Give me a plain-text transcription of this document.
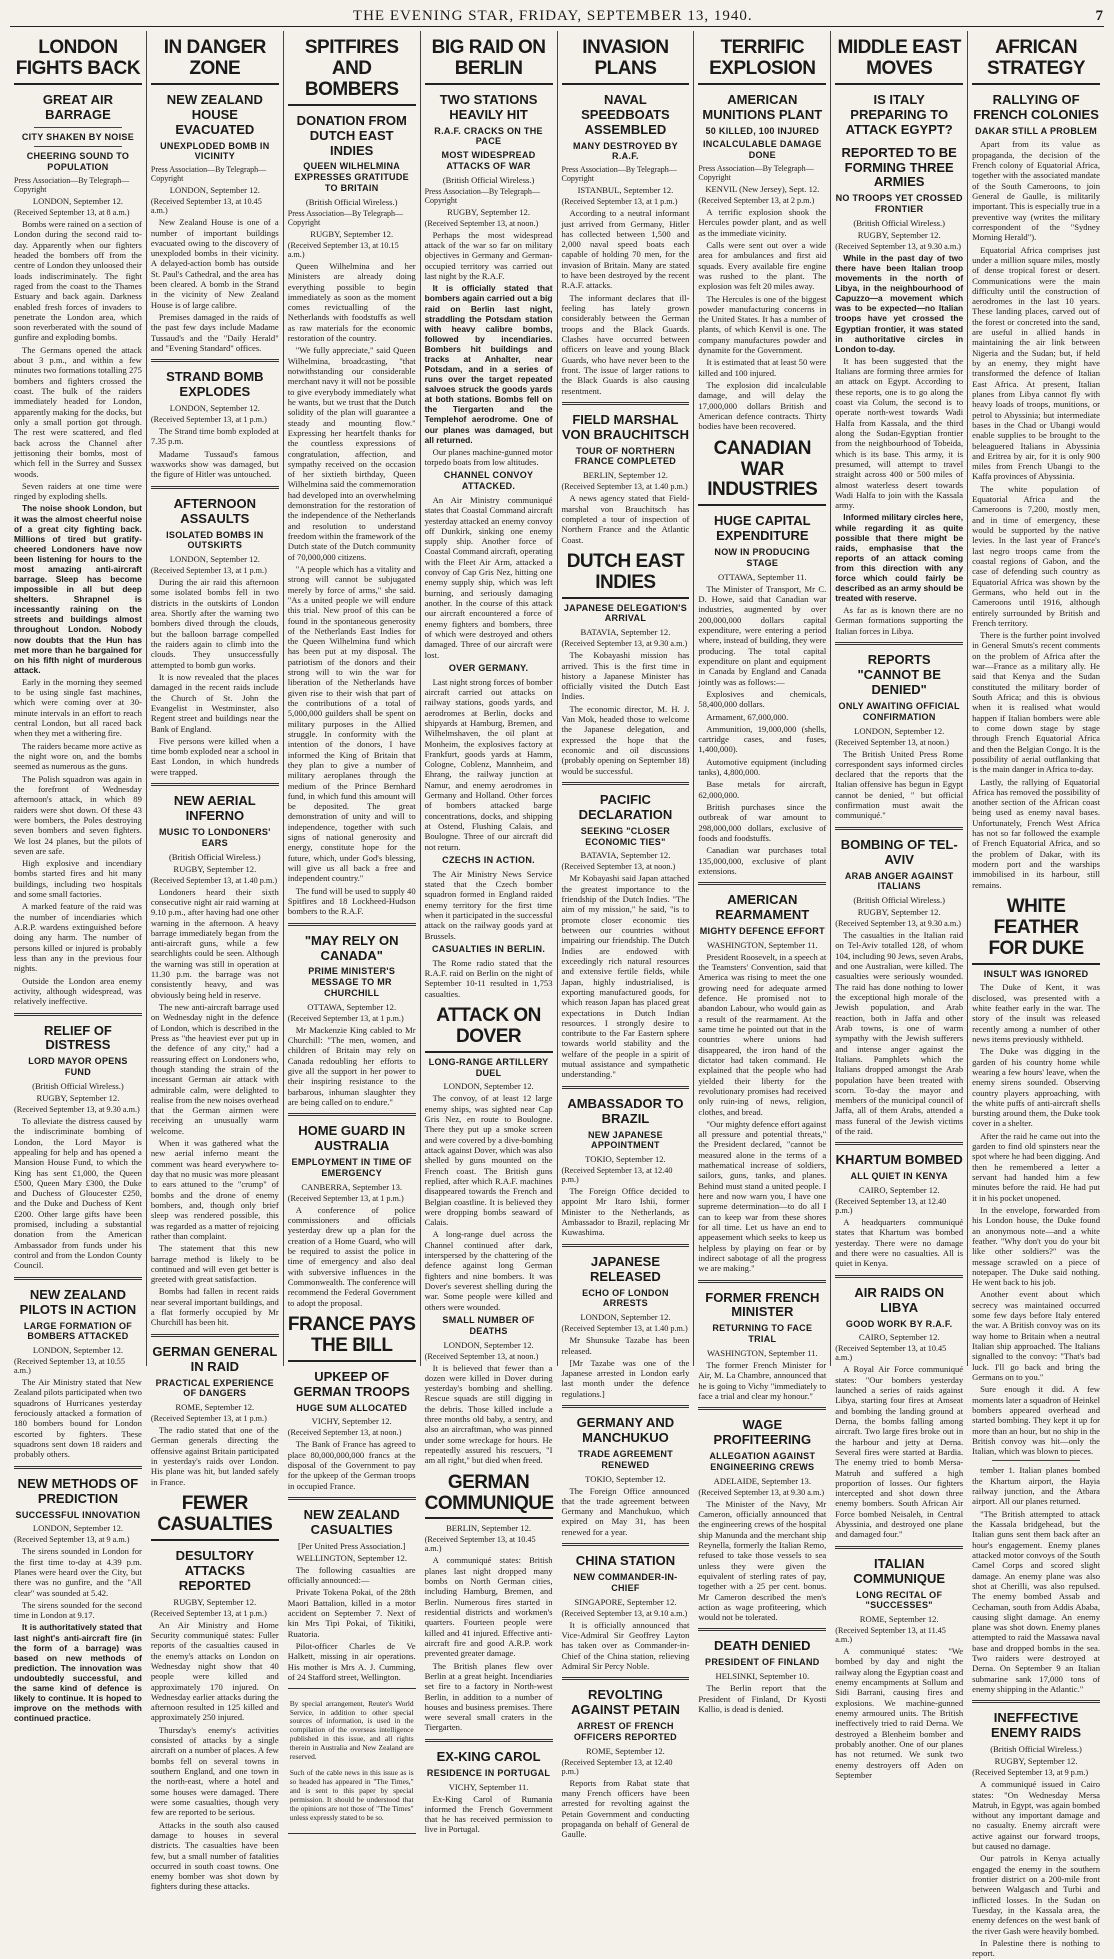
THE EVENING STAR, FRIDAY, SEPTEMBER 13, 1940.	7
LONDON FIGHTS BACK
GREAT AIR BARRAGE
CITY SHAKEN BY NOISE
CHEERING SOUND TO POPULATION
Press Association—By Telegraph—Copyright
LONDON, September 12.
(Received September 13, at 8 a.m.)

Bombs were rained on a section of London during the second raid to-day. Apparently when our fighters headed the bombers off from the centre of London they unloosed their loads indiscriminately. The fight raged from the coast to the Thames Estuary and back again. Darkness enabled fresh forces of invaders to penetrate the London area, which soon reverberated with the sound of gunfire and exploding bombs.

The Germans opened the attack about 3 p.m., and within a few minutes two formations totalling 275 bombers and fighters crossed the coast. The bulk of the raiders immediately headed for London, apparently making for the docks, but only a small portion got through. The rest were scattered, and fled back across the Channel after jettisoning their bombs, most of which fell in the Surrey and Sussex woods.

Seven raiders at one time were ringed by exploding shells.

The noise shook London, but it was the almost cheerful noise of a great city fighting back. Millions of tired but gratify-cheered Londoners have now been listening for hours to the most amazing anti-aircraft barrage. Sleep has become impossible in all but deep shelters. Shrapnel is incessantly raining on the streets and buildings almost throughout London. Nobody now doubts that the Hun has met more than he bargained for on his fifth night of murderous attack.

Early in the morning they seemed to be using single fast machines, which were coming over at 30-minute intervals in an effort to reach central London, but all raced back when they met a withering fire.

The raiders became more active as the night wore on, and the bombs seemed as numerous as the guns.

The Polish squadron was again in the forefront of Wednesday afternoon's attack, in which 89 raiders were shot down. Of these 43 were bombers, the Poles destroying seven bombers and seven fighters. We lost 24 planes, but the pilots of seven are safe.

High explosive and incendiary bombs started fires and hit many buildings, including two hospitals and some small factories.

A marked feature of the raid was the number of incendiaries which A.R.P. wardens extinguished before doing any harm. The number of persons killed or injured is probably less than any in the previous four nights.

Outside the London area enemy activity, although widespread, was relatively ineffective.

RELIEF OF DISTRESS
LORD MAYOR OPENS FUND
(British Official Wireless.)
RUGBY, September 12.
(Received September 13, at 9.30 a.m.)

To alleviate the distress caused by the indiscriminate bombing of London, the Lord Mayor is appealing for help and has opened a Mansion House Fund, to which the King has sent £1,000, the Queen £500, Queen Mary £300, the Duke and Duchess of Gloucester £250, and the Duke and Duchess of Kent £200. Other large gifts have been promised, including a substantial donation from the American Ambassador from funds under his control and from the London County Council.

NEW ZEALAND PILOTS IN ACTION
LARGE FORMATION OF BOMBERS ATTACKED
LONDON, September 12.
(Received September 13, at 10.55 a.m.)

The Air Ministry stated that New Zealand pilots participated when two squadrons of Hurricanes yesterday ferociously attacked a formation of 180 bombers bound for London escorted by fighters. These squadrons sent down 18 raiders and probably others.

NEW METHODS OF PREDICTION
SUCCESSFUL INNOVATION
LONDON, September 12.
(Received September 13, at 9 a.m.)

The sirens sounded in London for the first time to-day at 4.39 p.m. Planes were heard over the City, but there was no gunfire, and the "All clear" was sounded at 5.42.

The sirens sounded for the second time in London at 9.17.

It is authoritatively stated that last night's anti-aircraft fire (in the form of a barrage) was based on new methods of prediction. The innovation was undoubtedly successful, and the same kind of defence is likely to continue. It is hoped to improve on the methods with continued practice.

IN DANGER ZONE
NEW ZEALAND HOUSE EVACUATED
UNEXPLODED BOMB IN VICINITY
Press Association—By Telegraph—Copyright
LONDON, September 12.
(Received September 13, at 10.45 a.m.)

New Zealand House is one of a number of important buildings evacuated owing to the discovery of unexploded bombs in their vicinity. A delayed-action bomb has outside St. Paul's Cathedral, and the area has been cleared. A bomb in the Strand in the vicinity of New Zealand House is of large calibre.

Premises damaged in the raids of the past few days include Madame Tussaud's and the "Daily Herald" and "Evening Standard" offices.

STRAND BOMB EXPLODES
LONDON, September 12.
(Received September 13, at 1 p.m.)

The Strand time bomb exploded at 7.35 p.m.

Madame Tussaud's famous waxworks show was damaged, but the figure of Hitler was untouched.

AFTERNOON ASSAULTS
ISOLATED BOMBS IN OUTSKIRTS
LONDON, September 12.
(Received September 13, at 1 p.m.)

During the air raid this afternoon some isolated bombs fell in two districts in the outskirts of London area. Shortly after the warning two bombers dived through the clouds, but the balloon barrage compelled the raiders again to climb into the clouds. They unsuccessfully attempted to bomb gun works.

It is now revealed that the places damaged in the recent raids include the Church of St. John the Evangelist in Westminster, also Regent street and buildings near the Bank of England.

Five persons were killed when a time bomb exploded near a school in East London, in which hundreds were trapped.

NEW AERIAL INFERNO
MUSIC TO LONDONERS' EARS
(British Official Wireless.)
RUGBY, September 12.
(Received September 13, at 1.40 p.m.)

Londoners heard their sixth consecutive night air raid warning at 9.10 p.m., after having had one other warning in the afternoon. A heavy barrage immediately began from the anti-aircraft guns, while a few searchlights could be seen. Although the warning was still in operation at 11.30 p.m. the barrage was not consistently heavy, and was obviously being held in reserve.

The new anti-aircraft barrage used on Wednesday night in the defence of London, which is described in the Press as "the heaviest ever put up in the defence of any city," had a reassuring effect on Londoners who, though standing the strain of the incessant German air attack with admirable calm, were delighted to realise from the new noises overhead that the German airmen were receiving an unusually warm welcome.

When it was gathered what the new aerial inferno meant the comment was heard everywhere to-day that no music was more pleasant to ears attuned to the "crump" of bombs and the drone of enemy bombers, and, though only brief sleep was rendered possible, this was regarded as a matter of rejoicing rather than complaint.

The statement that this new barrage method is likely to be continued and will even get better is greeted with great satisfaction.

Bombs had fallen in recent raids near several important buildings, and a flat formerly occupied by Mr Churchill has been hit.

GERMAN GENERAL IN RAID
PRACTICAL EXPERIENCE OF DANGERS
ROME, September 12.
(Received September 13, at 1 p.m.)

The radio stated that one of the German generals directing the offensive against Britain participated in yesterday's raids over London. His plane was hit, but landed safely in France.

FEWER CASUALTIES
DESULTORY ATTACKS REPORTED
RUGBY, September 12.
(Received September 13, at 1 p.m.)

An Air Ministry and Home Security communiqué states: Fuller reports of the casualties caused in the enemy's attacks on London on Wednesday night show that 40 people were killed and approximately 170 injured. On Wednesday earlier attacks during the afternoon resulted in 125 killed and approximately 250 injured.

Thursday's enemy's activities consisted of attacks by a single aircraft on a number of places. A few bombs fell on several towns in southern England, and one town in the north-east, where a hotel and some houses were damaged. There were some casualties, though very few are reported to be serious.

Attacks in the south also caused damage to houses in several districts. The casualties have been few, but a small number of fatalities occurred in south coast towns. One enemy bomber was shot down by fighters during these attacks.

SPITFIRES AND BOMBERS
DONATION FROM DUTCH EAST INDIES
QUEEN WILHELMINA EXPRESSES GRATITUDE TO BRITAIN
(British Official Wireless.)
Press Association—By Telegraph—Copyright
RUGBY, September 12.
(Received September 13, at 10.15 a.m.)

Queen Wilhelmina and her Ministers are already doing everything possible to begin immediately as soon as the moment comes revictualling of the Netherlands with foodstuffs as well as raw materials for the economic restoration of the country.

"We fully appreciate," said Queen Wilhelmina, broadcasting, "that notwithstanding our considerable merchant navy it will not be possible to give everybody immediately what he wants, but we trust that the Dutch solidity of the plan will guarantee a steady and mounting flow." Expressing her heartfelt thanks for the countless expressions of congratulation, affection, and sympathy received on the occasion of her sixtieth birthday, Queen Wilhelmina said the commemoration had developed into an overwhelming demonstration for the restoration of the independence of the Netherlands and resolution to understand freedom within the framework of the Dutch state of the Dutch community of 70,000,000 citizens.

"A people which has a vitality and strong will cannot be subjugated merely by force of arms," she said. "As a united people we will endure this trial. New proof of this can be found in the spontaneous generosity of the Netherlands East Indies for the Queen Wilhelmina fund which has been put at my disposal. The patriotism of the donors and their strong will to win the war for liberation of the Netherlands have given rise to their wish that part of the contributions of a total of 5,000,000 guilders shall be spent on military purposes in the Allied struggle. In conformity with the intention of the donors, I have informed the King of Britain that they plan to give a number of military aeroplanes through the medium of the Prince Bernhard fund, in which fund this amount will be deposited. The great demonstration of unity and will to independence, together with such signs of national generosity and energy, constitute hope for the future, which, under God's blessing, will give us all back a free and independent country."

The fund will be used to supply 40 Spitfires and 18 Lockheed-Hudson bombers to the R.A.F.

"MAY RELY ON CANADA"
PRIME MINISTER'S MESSAGE TO MR CHURCHILL
OTTAWA, September 12.
(Received September 13, at 1 p.m.)

Mr Mackenzie King cabled to Mr Churchill: "The men, women, and children of Britain may rely on Canada redoubling her efforts to give all the support in her power to their inspiring resistance to the barbarous, inhuman slaughter they are being called on to endure."

HOME GUARD IN AUSTRALIA
EMPLOYMENT IN TIME OF EMERGENCY
CANBERRA, September 13.
(Received September 13, at 1 p.m.)

A conference of police commissioners and officials yesterday drew up a plan for the creation of a Home Guard, who will be required to assist the police in time of emergency and also deal with subversive influences in the Commonwealth. The conference will recommend the Federal Government to adopt the proposal.

FRANCE PAYS THE BILL
UPKEEP OF GERMAN TROOPS
HUGE SUM ALLOCATED
VICHY, September 12.
(Received September 13, at noon.)

The Bank of France has agreed to place 80,000,000,000 francs at the disposal of the Government to pay for the upkeep of the German troops in occupied France.

NEW ZEALAND CASUALTIES
[Per United Press Association.]
WELLINGTON, September 12.

The following casualties are officially announced:—

Private Tokena Pokai, of the 28th Maori Battalion, killed in a motor accident on September 7. Next of kin Mrs Tipi Pokai, of Tikitiki, Ruatoria.

Pilot-officer Charles de Ve Halkett, missing in air operations. His mother is Mrs A. J. Cumming, of 24 Stafford street, Wellington.

By special arrangement, Reuter's World Service, in addition to other special sources of information, is used in the compilation of the overseas intelligence published in this issue, and all rights therein in Australia and New Zealand are reserved.

Such of the cable news in this issue as is so headed has appeared in "The Times," and is sent to this paper by special permission. It should be understood that the opinions are not those of "The Times" unless expressly stated to be so.

BIG RAID ON BERLIN
TWO STATIONS HEAVILY HIT
R.A.F. CRACKS ON THE PACE
MOST WIDESPREAD ATTACKS OF WAR
(British Official Wireless.)
Press Association—By Telegraph—Copyright
RUGBY, September 12.
(Received September 13, at noon.)

Perhaps the most widespread attack of the war so far on military objectives in Germany and German-occupied territory was carried out last night by the R.A.F.

It is officially stated that bombers again carried out a big raid on Berlin last night, straddling the Potsdam station with heavy calibre bombs, followed by incendiaries. Bombers hit buildings and tracks at Anhalter, near Potsdam, and in a series of runs over the target repeated salvoes struck the goods yards at both stations. Bombs fell on the Tiergarten and the Templehof aerodrome. One of our planes was damaged, but all returned.

Our planes machine-gunned motor torpedo boats from low altitudes.

CHANNEL CONVOY ATTACKED.

An Air Ministry communiqué states that Coastal Command aircraft yesterday attacked an enemy convoy off Dunkirk, sinking one enemy supply ship. Another force of Coastal Command aircraft, operating with the Fleet Air Arm, attacked a convoy of Cap Gris Nez, hitting one enemy supply ship, which was left burning, and seriously damaging another. In the course of this attack our aircraft encountered a force of enemy fighters and bombers, three of which were destroyed and others damaged. Three of our aircraft were lost.

OVER GERMANY.

Last night strong forces of bomber aircraft carried out attacks on railway stations, goods yards, and aerodromes at Berlin, docks and shipyards at Hamburg, Bremen, and Wilhelmshaven, the oil plant at Monheim, the explosives factory at Frankfurt, goods yards at Hamm, Cologne, Coblenz, Mannheim, and Ehrang, the railway junction at Namur, and enemy aerodromes in Germany and Holland. Other forces of bombers attacked barge concentrations, docks, and shipping at Ostend, Flushing Calais, and Boulogne. Three of our aircraft did not return.

CZECHS IN ACTION.

The Air Ministry News Service stated that the Czech bomber squadron formed in England raided enemy territory for the first time when it participated in the successful attack on the railway goods yard at Brussels.

CASUALTIES IN BERLIN.

The Rome radio stated that the R.A.F. raid on Berlin on the night of September 10-11 resulted in 1,753 casualties.

ATTACK ON DOVER
LONG-RANGE ARTILLERY DUEL
LONDON, September 12.

The convoy, of at least 12 large enemy ships, was sighted near Cap Gris Nez, en route to Boulogne. There they put up a smoke screen and were covered by a dive-bombing attack against Dover, which was also shelled by guns mounted on the French coast. The British guns replied, after which R.A.F. machines disappeared towards the French and Belgian coastline. It is believed they were dropping bombs seaward of Calais.

A long-range duel across the Channel continued after dark, interspersed by the chattering of the defence against long German fighters and nine bombers. It was Dover's severest shelling during the war. Some people were killed and others were wounded.

SMALL NUMBER OF DEATHS
LONDON, September 12.
(Received September 13, at noon.)

It is believed that fewer than a dozen were killed in Dover during yesterday's bombing and shelling. Rescue squads are still digging in the debris. Those killed include a three months old baby, a sentry, and also an aircraftman, who was pinned under some wreckage for hours. He repeatedly assured his rescuers, "I am all right," but died when freed.

GERMAN COMMUNIQUE
BERLIN, September 12.
(Received September 13, at 10.45 a.m.)

A communiqué states: British planes last night dropped many bombs on North German cities, including Hamburg, Bremen, and Berlin. Numerous fires started in residential districts and workmen's quarters. Fourteen people were killed and 41 injured. Effective anti-aircraft fire and good A.R.P. work prevented greater damage.

The British planes flew over Berlin at a great height. Incendiaries set fire to a factory in North-west Berlin, in addition to a number of houses and business premises. There were several small craters in the Tiergarten.

EX-KING CAROL
RESIDENCE IN PORTUGAL
VICHY, September 11.

Ex-King Carol of Rumania informed the French Government that he has received permission to live in Portugal.

INVASION PLANS
NAVAL SPEEDBOATS ASSEMBLED
MANY DESTROYED BY R.A.F.
Press Association—By Telegraph—Copyright
ISTANBUL, September 12.
(Received September 13, at 1 p.m.)

According to a neutral informant just arrived from Germany, Hitler has collected between 1,500 and 2,000 naval speed boats each capable of holding 70 men, for the invasion of Britain. Many are stated to have been destroyed by the recent R.A.F. attacks.

The informant declares that ill-feeling has lately grown considerably between the German troops and the Black Guards. Clashes have occurred between officers on leave and young Black Guards, who have never been to the front. The issue of larger rations to the Black Guards is also causing resentment.

FIELD MARSHAL VON BRAUCHITSCH
TOUR OF NORTHERN FRANCE COMPLETED
BERLIN, September 12.
(Received September 13, at 1.40 p.m.)

A news agency stated that Field-marshal von Brauchitsch has completed a tour of inspection of Northern France and the Atlantic Coast.

DUTCH EAST INDIES
JAPANESE DELEGATION'S ARRIVAL
BATAVIA, September 12.
(Received September 13, at 9.30 a.m.)

The Kobayashi mission has arrived. This is the first time in history a Japanese Minister has officially visited the Dutch East Indies.

The economic director, M. H. J. Van Mok, headed those to welcome the Japanese delegation, and expressed the hope that the economic and oil discussions (probably opening on September 18) would be successful.

PACIFIC DECLARATION
SEEKING "CLOSER ECONOMIC TIES"
BATAVIA, September 12.
(Received September 13, at noon.)

Mr Kobayashi said Japan attached the greatest importance to the friendship of the Dutch Indies. "The aim of my mission," he said, "is to promote closer economic ties between our countries without impairing our friendship. The Dutch Indies are endowed with exceedingly rich natural resources and extensive fertile fields, while Japan, highly industrialised, is exporting manufactured goods, for which reason Japan has placed great expectations in Dutch Indian resources. I strongly desire to contribute to the Far Eastern sphere towards world stability and the welfare of the people in a spirit of mutual assistance and sympathetic understanding."

AMBASSADOR TO BRAZIL
NEW JAPANESE APPOINTMENT
TOKIO, September 12.
(Received September 13, at 12.40 p.m.)

The Foreign Office decided to appoint Mr Itaro Ishii, former Minister to the Netherlands, as Ambassador to Brazil, replacing Mr Kuwashima.

JAPANESE RELEASED
ECHO OF LONDON ARRESTS
LONDON, September 12.
(Received September 13, at 1.40 p.m.)

Mr Shunsuke Tazabe has been released.

[Mr Tazabe was one of the Japanese arrested in London early last month under the defence regulations.]

GERMANY AND MANCHUKUO
TRADE AGREEMENT RENEWED
TOKIO, September 12.

The Foreign Office announced that the trade agreement between Germany and Manchukuo, which expired on May 31, has been renewed for a year.

CHINA STATION
NEW COMMANDER-IN-CHIEF
SINGAPORE, September 12.
(Received September 13, at 9.10 a.m.)

It is officially announced that Vice-Admiral Sir Geoffrey Layton has taken over as Commander-in-Chief of the China station, relieving Admiral Sir Percy Noble.

REVOLTING AGAINST PETAIN
ARREST OF FRENCH OFFICERS REPORTED
ROME, September 12.
(Received September 13, at 12.40 p.m.)

Reports from Rabat state that many French officers have been arrested for revolting against the Petain Government and conducting propaganda on behalf of General de Gaulle.

TERRIFIC EXPLOSION
AMERICAN MUNITIONS PLANT
50 KILLED, 100 INJURED
INCALCULABLE DAMAGE DONE
Press Association—By Telegraph—Copyright
KENVIL (New Jersey), Sept. 12.
(Received September 13, at 2 p.m.)

A terrific explosion shook the Hercules powder plant, and as well as the immediate vicinity.

Calls were sent out over a wide area for ambulances and first aid squads. Every available fire engine was rushed to the plant. The explosion was felt 20 miles away.

The Hercules is one of the biggest powder manufacturing concerns in the United States. It has a number of plants, of which Kenvil is one. The company manufactures powder and dynamite for the Government.

It is estimated that at least 50 were killed and 100 injured.

The explosion did incalculable damage, and will delay the 17,000,000 dollars British and American defence contracts. Thirty bodies have been recovered.

CANADIAN WAR INDUSTRIES
HUGE CAPITAL EXPENDITURE
NOW IN PRODUCING STAGE
OTTAWA, September 11.

The Minister of Transport, Mr C. D. Howe, said that Canadian war industries, augmented by over 200,000,000 dollars capital expenditure, were entering a period where, instead of building, they were producing. The total capital expenditure on plant and equipment in Canada by England and Canada jointly was as follows:—

Explosives and chemicals, 58,400,000 dollars.

Armament, 67,000,000.

Ammunition, 19,000,000 (shells, cartridge cases, and fuses, 1,400,000).

Automotive equipment (including tanks), 4,800,000.

Base metals for aircraft, 62,000,000.

British purchases since the outbreak of war amount to 298,000,000 dollars, exclusive of foods and foodstuffs.

Canadian war purchases total 135,000,000, exclusive of plant extensions.

AMERICAN REARMAMENT
MIGHTY DEFENCE EFFORT
WASHINGTON, September 11.

President Roosevelt, in a speech at the Teamsters' Convention, said that America was rising to meet the one growing need for adequate armed defence. He promised not to abandon Labour, who would gain as a result of the rearmament. At the same time he pointed out that in the countries where unions had disappeared, the iron hand of the dictator had taken command. He explained that the people who had yielded their liberty for the revolutionary promises had received only ruin-ing of news, religion, clothes, and bread.

"Our mighty defence effort against all pressure and potential threats," the President declared, "cannot be measured alone in the terms of a mathematical increase of soldiers, sailors, guns, tanks, and planes. Behind must stand a united people. I here and now warn you, I have one supreme determination—to do all I can to keep war from these shores for all time. Let us have an end to appeasement which seeks to keep us helpless by playing on fear or by indirect sabotage of all the progress we are making."

FORMER FRENCH MINISTER
RETURNING TO FACE TRIAL
WASHINGTON, September 11.

The former French Minister for Air, M. La Chambre, announced that he is going to Vichy "immediately to face a trial and clear my honour."

WAGE PROFITEERING
ALLEGATION AGAINST ENGINEERING CREWS
ADELAIDE, September 13.
(Received September 13, at 9.30 a.m.)

The Minister of the Navy, Mr Cameron, officially announced that the engineering crews of the hospital ship Manunda and the merchant ship Reynella, formerly the Italian Remo, refused to take those vessels to sea unless they were given the equivalent of sterling rates of pay, together with a 25 per cent. bonus. Mr Cameron described the men's action as wage profiteering, which would not be tolerated.

DEATH DENIED
PRESIDENT OF FINLAND
HELSINKI, September 10.

The Berlin report that the President of Finland, Dr Kyosti Kallio, is dead is denied.

MIDDLE EAST MOVES
IS ITALY PREPARING TO ATTACK EGYPT?
REPORTED TO BE FORMING THREE ARMIES
NO TROOPS YET CROSSED FRONTIER
(British Official Wireless.)
RUGBY, September 12.
(Received September 13, at 9.30 a.m.)

While in the past day of two there have been Italian troop movements in the north of Libya, in the neighbourhood of Capuzzo—a movement which was to be expected—no Italian troops have yet crossed the Egyptian frontier, it was stated in authoritative circles in London to-day.

It has been suggested that the Italians are forming three armies for an attack on Egypt. According to these reports, one is to go along the coast via Colum, the second is to operate north-west towards Wadi Halfa from Kassala, and the third along the Sudan-Egyptian frontier from the neighbourhood of Tobeida, which is its base. This army, it is presumed, will attempt to travel straight across 400 or 500 miles of almost waterless desert towards Wadi Halfa to join with the Kassala army.

Informed military circles here, while regarding it as quite possible that there might be raids, emphasise that the reports of an attack coming from this direction with any force which could fairly be described as an army should be treated with reserve.

As far as is known there are no German formations supporting the Italian forces in Libya.

REPORTS "CANNOT BE DENIED"
ONLY AWAITING OFFICIAL CONFIRMATION
LONDON, September 12.
(Received September 13, at noon.)

The British United Press Rome correspondent says informed circles declared that the reports that the Italian offensive has begun in Egypt cannot be denied, " but official confirmation must await the communiqué."

BOMBING OF TEL-AVIV
ARAB ANGER AGAINST ITALIANS
(British Official Wireless.)
RUGBY, September 12.
(Received September 13, at 9.30 a.m.)

The casualties in the Italian raid on Tel-Aviv totalled 128, of whom 104, including 90 Jews, seven Arabs, and one Australian, were killed. The casualties were seriously wounded. The raid has done nothing to lower the exceptional high morale of the Jewish population, and Arab reaction, both in Jaffa and other Arab towns, is one of warm sympathy with the Jewish sufferers and intense anger against the Italians. Pamphlets which the Italians dropped amongst the Arab population have been treated with scorn. To-day the mayor and members of the municipal council of Jaffa, all of them Arabs, attended a mass funeral of the Jewish victims of the raid.

KHARTUM BOMBED
ALL QUIET IN KENYA
CAIRO, September 12.
(Received September 13, at 12.40 p.m.)

A headquarters communiqué states that Khartum was bombed yesterday. There were no damage and there were no casualties. All is quiet in Kenya.

AIR RAIDS ON LIBYA
GOOD WORK BY R.A.F.
CAIRO, September 12.
(Received September 13, at 10.45 a.m.)

A Royal Air Force communiqué states: "Our bombers yesterday launched a series of raids against Libya, starting four fires at Amseat and bombing the landing ground at Derna, the bombs falling among aircraft. Two large fires broke out in the harbour and jetty at Derna. Several fires were started at Bardia. The enemy tried to bomb Mersa-Matruh and suffered a high proportion of losses. Our fighters intercepted and shot down three enemy bombers. South African Air Force bombed Neisaleh, in Central Abyssinia, and destroyed one plane and damaged four."

ITALIAN COMMUNIQUE
LONG RECITAL OF "SUCCESSES"
ROME, September 12.
(Received September 13, at 11.45 a.m.)

A communiqué states: "We bombed by day and night the railway along the Egyptian coast and enemy encampments at Sollum and Sidi Barrani, causing fires and explosions. We machine-gunned enemy armoured units. The British ineffectively tried to raid Derna. We destroyed a Blenheim bomber and probably another. One of our planes has not returned. We sunk two enemy destroyers off Aden on September

AFRICAN STRATEGY
RALLYING OF FRENCH COLONIES
DAKAR STILL A PROBLEM

Apart from its value as propaganda, the decision of the French colony of Equatorial Africa, together with the associated mandate of the South Cameroons, to join General de Gaulle, is militarily important. This is especially true in a preventive way (writes the military correspondent of the "Sydney Morning Herald").

Equatorial Africa comprises just under a million square miles, mostly of dense tropical forest or desert. Communications were the main difficulty until the construction of aerodromes in the last 10 years. These landing places, carved out of the forest or concreted into the sand, are useful in allied hands in maintaining the air link between Nigeria and the Sudan; but, if held by an enemy, they might have transformed the defence of Italian East Africa. At present, Italian planes from Libya cannot fly with heavy loads of troops, munitions, or petrol to Abyssinia; but intermediate bases in the Chad or Ubangi would enable supplies to be brought to the beleaguered Italians in Abyssinia and Eritrea by air, for it is only 900 miles from French Ubangi to the Kaffa provinces of Abyssinia.

The white population of Equatorial Africa and the Cameroons is 7,200, mostly men, and in time of emergency, these would be supported by the native levies. In the last year of France's last negro troops came from the coastal regions of Gabon, and the case of defending such country as Equatorial Africa was shown by the Germans, who held out in the Cameroons until 1916, although entirely surrounded by British and French territory.

There is the further point involved in General Smuts's recent comments on the problem of Africa after the war—France as a military ally. He said that Kenya and the Sudan constituted the military border of South Africa; and this is obvious when it is realised what would happen if Italian bombers were able to come down stage by stage through French Equatorial Africa and then the Belgian Congo. It is the possibility of aerial outflanking that is the main danger in Africa to-day.

Lastly, the rallying of Equatorial Africa has removed the possibility of another section of the African coast being used as enemy naval bases. Unfortunately, French West Africa has not so far followed the example of French Equatorial Africa, and so the problem of Dakar, with its modern port and the warships immobilised in its harbour, still remains.

WHITE FEATHER FOR DUKE
INSULT WAS IGNORED

The Duke of Kent, it was disclosed, was presented with a white feather early in the war. The story of the insult was released recently among a number of other news items previously withheld.

The Duke was digging in the garden of his country home while wearing a few hours' leave, when the enemy sirens sounded. Observing country players approaching, with the white puffs of anti-aircraft shells bursting around them, the Duke took cover in a shelter.

After the raid he came out into the garden to find old spinsters near the spot where he had been digging. And then he remembered a letter a servant had handed him a few minutes before the raid. He had put it in his pocket unopened.

In the envelope, forwarded from his London house, the Duke found an anonymous note—and a white feather. "Why don't you do your bit like other soldiers?" was the message scrawled on a piece of notepaper. The Duke said nothing. He went back to his job.

Another event about which secrecy was maintained occurred some few days before Italy entered the war. A British convoy was on its way home to Britain when a neutral Italian ship approached. The Italians signalled to the convoy: "That's bad luck. I'll go back and bring the Germans on to you."

Sure enough it did. A few moments later a squadron of Heinkel bombers appeared overhead and started bombing. They kept it up for more than an hour, but no ship in the British convoy was hit—only the Italian, which was blown to pieces.

tember 1. Italian planes bombed the Khartum airport, the Hayia railway junction, and the Atbara airport. All our planes returned.

"The British attempted to attack the Kassala bridgehead, but the Italian guns sent them back after an hour's engagement. Enemy planes attacked motor convoys of the South Camel Corps and scored slight damage. An enemy plane was also shot at Cherilli, was also repulsed. The enemy bombed Assab and Cechaman, south from Addis Ababa, causing slight damage. An enemy plane was shot down. Enemy planes attempted to raid the Massawa naval base and dropped bombs in the sea. Two raiders were destroyed at Derna. On September 9 an Italian submarine sank 17,000 tons of enemy shipping in the Atlantic."

INEFFECTIVE ENEMY RAIDS
(British Official Wireless.)
RUGBY, September 12.
(Received September 13, at 9 p.m.)

A communiqué issued in Cairo states: "On Wednesday Mersa Matruh, in Egypt, was again bombed without any important damage and no casualty. Enemy aircraft were active against our forward troops, but caused no damage.

Our patrols in Kenya actually engaged the enemy in the southern frontier district on a 200-mile front between Walgasch and Turbi and inflicted losses. In the Sudan on Tuesday, in the Kassala area, the enemy defences on the west bank of the river Gash were heavily bombed.

In Palestine there is nothing to report.
